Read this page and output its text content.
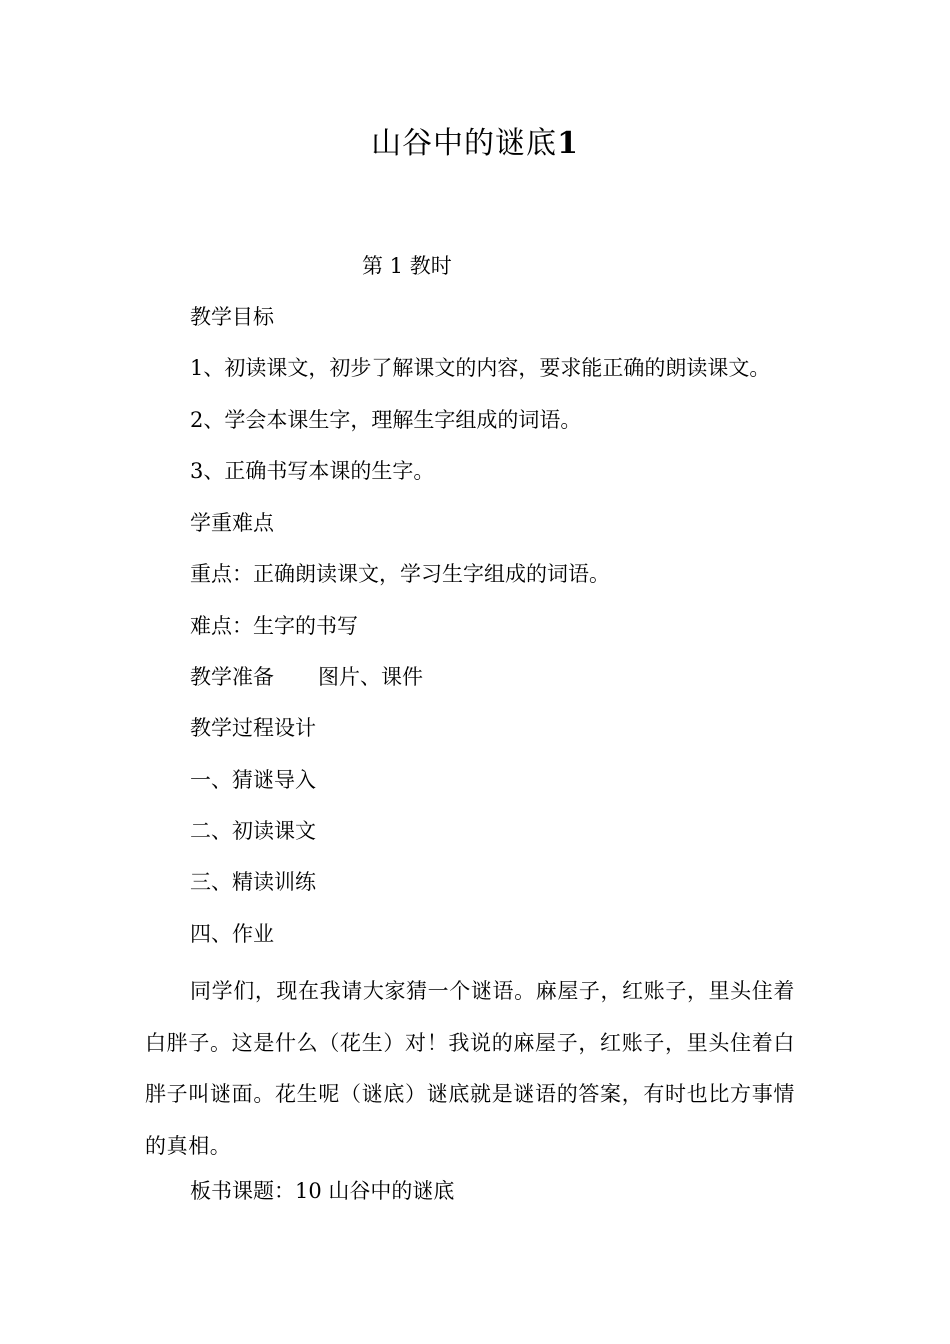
山谷中的谜底1
第 1 教时
教学目标
1、初读课文，初步了解课文的内容，要求能正确的朗读课文。
2、学会本课生字，理解生字组成的词语。
3、正确书写本课的生字。
学重难点
重点：正确朗读课文，学习生字组成的词语。
难点：生字的书写
教学准备 图片、课件
教学过程设计
一、猜谜导入
二、初读课文
三、精读训练
四、作业
同学们，现在我请大家猜一个谜语。麻屋子，红账子，里头住着白胖子。这是什么（花生）对！我说的麻屋子，红账子，里头住着白胖子叫谜面。花生呢（谜底）谜底就是谜语的答案，有时也比方事情的真相。
板书课题：10 山谷中的谜底
